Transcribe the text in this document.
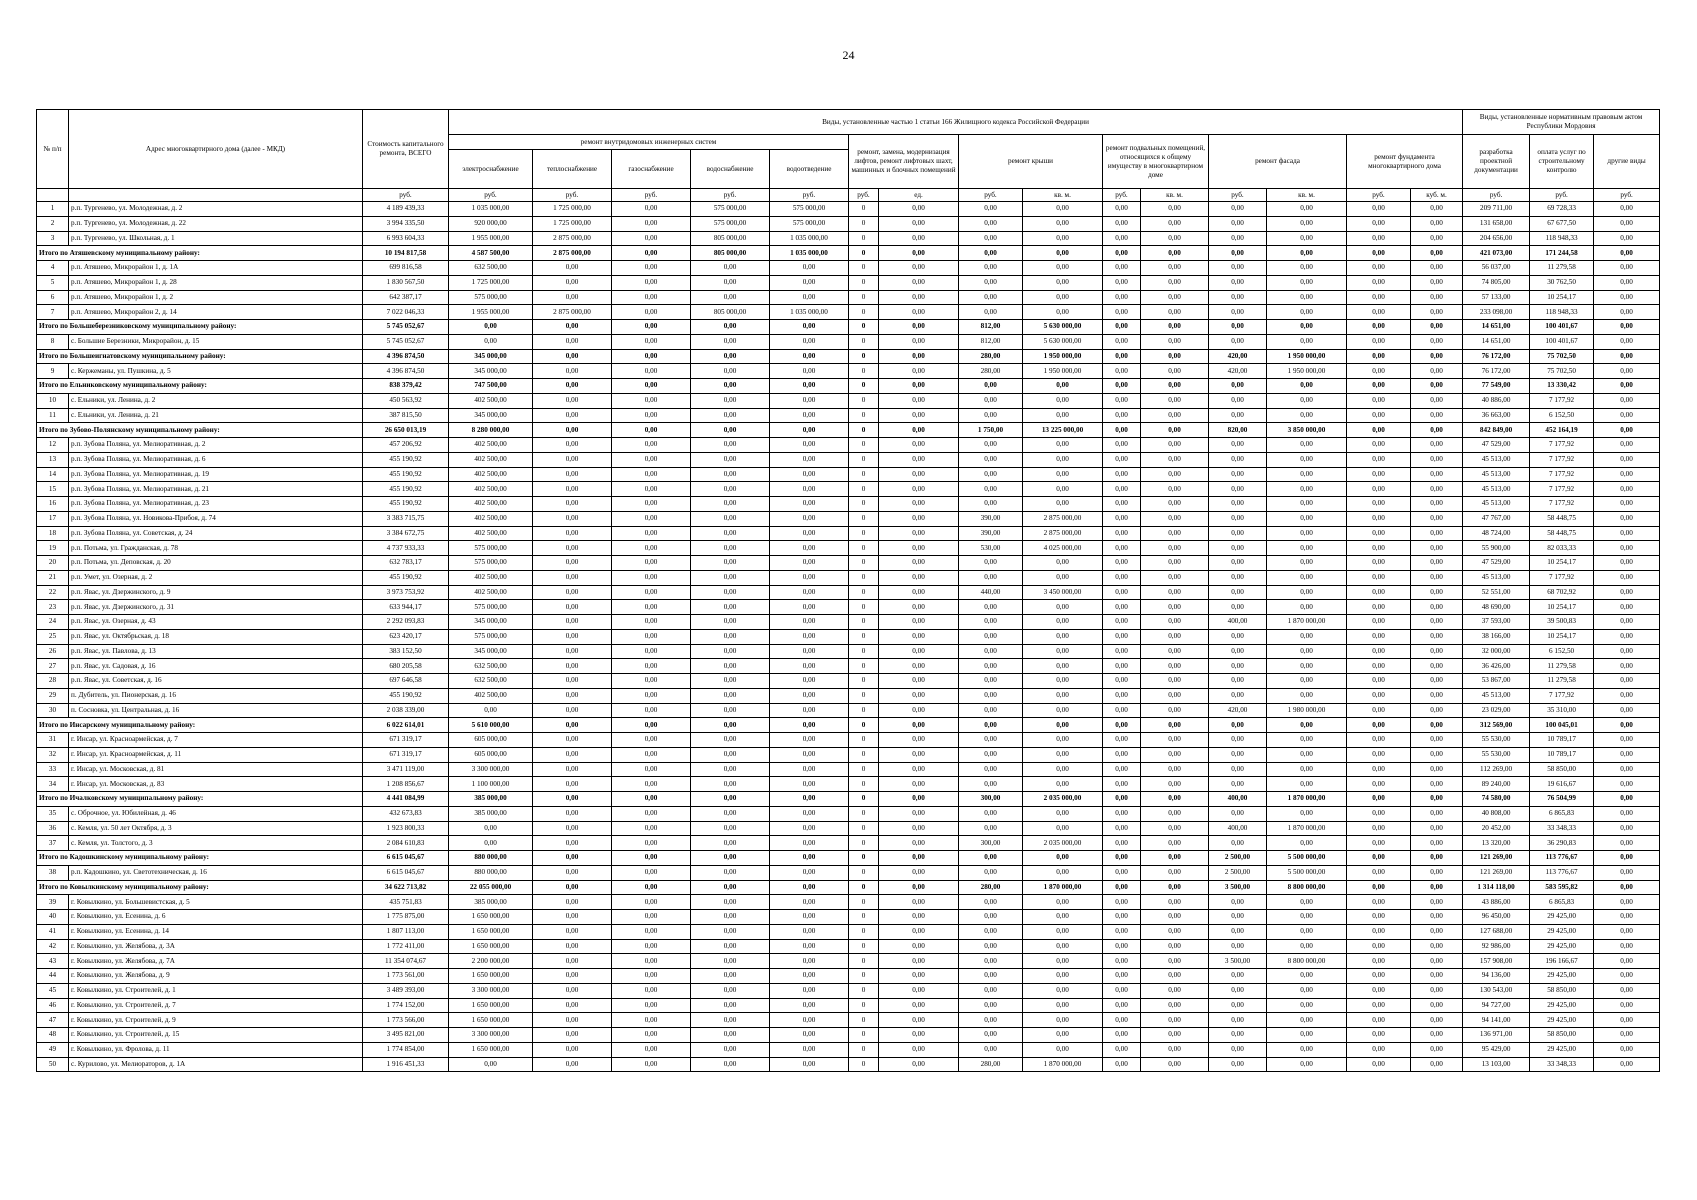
24
№ п/п	Адрес многоквартирного дома (далее - МКД)	Стоимость капитального ремонта, ВСЕГО	Виды, установленные частью 1 статьи 166 Жилищного кодекса Российской Федерации															Виды, установленные нормативным правовым актом Республики Мордовия			
			ремонт внутридомовых инженерных систем					ремонт, замена, модернизация лифтов, ремонт лифтовых шахт, машинных и блочных помещений		ремонт крыши		ремонт подвальных помещений, относящихся к общему имуществу в многоквартирном доме		ремонт фасада		ремонт фундамента многоквартирного дома		разработка проектной документации	оплата услуг по строительному контролю	другие виды	
			электроснабжение	теплоснабжение	газоснабжение	водоснабжение	водоотведение														
		руб.	руб.	руб.	руб.	руб.	руб.	руб.	ед.	руб.	кв. м.	руб.	кв. м.	руб.	кв. м.	руб.	куб. м.	руб.	руб.	руб.	
1	р.п. Тургенево, ул. Молодежная, д. 2	4 189 439,33	1 035 000,00	1 725 000,00	0,00	575 000,00	575 000,00	0	0,00	0,00	0,00	0,00	0,00	0,00	0,00	0,00	0,00	209 711,00	69 728,33	0,00	
2	р.п. Тургенево, ул. Молодежная, д. 22	3 994 335,50	920 000,00	1 725 000,00	0,00	575 000,00	575 000,00	0	0,00	0,00	0,00	0,00	0,00	0,00	0,00	0,00	0,00	131 658,00	67 677,50	0,00	
3	р.п. Тургенево, ул. Школьная, д. 1	6 993 604,33	1 955 000,00	2 875 000,00	0,00	805 000,00	1 035 000,00	0	0,00	0,00	0,00	0,00	0,00	0,00	0,00	0,00	0,00	204 656,00	118 948,33	0,00	
Итого по Атяшевскому муниципальному району:		10 194 817,58	4 587 500,00	2 875 000,00	0,00	805 000,00	1 035 000,00	0	0,00	0,00	0,00	0,00	0,00	0,00	0,00	0,00	0,00	421 073,00	171 244,58	0,00	
4	р.п. Атяшево, Микрорайон 1, д. 1А	699 816,58	632 500,00	0,00	0,00	0,00	0,00	0	0,00	0,00	0,00	0,00	0,00	0,00	0,00	0,00	0,00	56 037,00	11 279,58	0,00	
5	р.п. Атяшево, Микрорайон 1, д. 28	1 830 567,50	1 725 000,00	0,00	0,00	0,00	0,00	0	0,00	0,00	0,00	0,00	0,00	0,00	0,00	0,00	0,00	74 805,00	30 762,50	0,00	
6	р.п. Атяшево, Микрорайон 1, д. 2	642 387,17	575 000,00	0,00	0,00	0,00	0,00	0	0,00	0,00	0,00	0,00	0,00	0,00	0,00	0,00	0,00	57 133,00	10 254,17	0,00	
7	р.п. Атяшево, Микрорайон 2, д. 14	7 022 046,33	1 955 000,00	2 875 000,00	0,00	805 000,00	1 035 000,00	0	0,00	0,00	0,00	0,00	0,00	0,00	0,00	0,00	0,00	233 098,00	118 948,33	0,00	
Итого по Большеберезниковскому муниципальному району:		5 745 052,67	0,00	0,00	0,00	0,00	0,00	0	0,00	812,00	5 630 000,00	0,00	0,00	0,00	0,00	0,00	0,00	14 651,00	100 401,67	0,00	
8	с. Большие Березники, Микрорайон, д. 15	5 745 052,67	0,00	0,00	0,00	0,00	0,00	0	0,00	812,00	5 630 000,00	0,00	0,00	0,00	0,00	0,00	0,00	14 651,00	100 401,67	0,00	
Итого по Большеигнатовскому муниципальному району:		4 396 874,50	345 000,00	0,00	0,00	0,00	0,00	0	0,00	280,00	1 950 000,00	0,00	0,00	420,00	1 950 000,00	0,00	0,00	76 172,00	75 702,50	0,00	
9	с. Кержеманы, ул. Пушкина, д. 5	4 396 874,50	345 000,00	0,00	0,00	0,00	0,00	0	0,00	280,00	1 950 000,00	0,00	0,00	420,00	1 950 000,00	0,00	0,00	76 172,00	75 702,50	0,00	
Итого по Ельниковскому муниципальному району:		838 379,42	747 500,00	0,00	0,00	0,00	0,00	0	0,00	0,00	0,00	0,00	0,00	0,00	0,00	0,00	0,00	77 549,00	13 330,42	0,00	
10	с. Ельники, ул. Ленина, д. 2	450 563,92	402 500,00	0,00	0,00	0,00	0,00	0	0,00	0,00	0,00	0,00	0,00	0,00	0,00	0,00	0,00	40 886,00	7 177,92	0,00	
11	с. Ельники, ул. Ленина, д. 21	387 815,50	345 000,00	0,00	0,00	0,00	0,00	0	0,00	0,00	0,00	0,00	0,00	0,00	0,00	0,00	0,00	36 663,00	6 152,50	0,00	
Итого по Зубово-Полянскому муниципальному району:		26 650 013,19	8 280 000,00	0,00	0,00	0,00	0,00	0	0,00	1 750,00	13 225 000,00	0,00	0,00	820,00	3 850 000,00	0,00	0,00	842 849,00	452 164,19	0,00	
12	р.п. Зубова Поляна, ул. Мелиоративная, д. 2	457 206,92	402 500,00	0,00	0,00	0,00	0,00	0	0,00	0,00	0,00	0,00	0,00	0,00	0,00	0,00	0,00	47 529,00	7 177,92	0,00	
13	р.п. Зубова Поляна, ул. Мелиоративная, д. 6	455 190,92	402 500,00	0,00	0,00	0,00	0,00	0	0,00	0,00	0,00	0,00	0,00	0,00	0,00	0,00	0,00	45 513,00	7 177,92	0,00	
14	р.п. Зубова Поляна, ул. Мелиоративная, д. 19	455 190,92	402 500,00	0,00	0,00	0,00	0,00	0	0,00	0,00	0,00	0,00	0,00	0,00	0,00	0,00	0,00	45 513,00	7 177,92	0,00	
15	р.п. Зубова Поляна, ул. Мелиоративная, д. 21	455 190,92	402 500,00	0,00	0,00	0,00	0,00	0	0,00	0,00	0,00	0,00	0,00	0,00	0,00	0,00	0,00	45 513,00	7 177,92	0,00	
16	р.п. Зубова Поляна, ул. Мелиоративная, д. 23	455 190,92	402 500,00	0,00	0,00	0,00	0,00	0	0,00	0,00	0,00	0,00	0,00	0,00	0,00	0,00	0,00	45 513,00	7 177,92	0,00	
17	р.п. Зубова Поляна, ул. Новикова-Прибоя, д. 74	3 383 715,75	402 500,00	0,00	0,00	0,00	0,00	0	0,00	390,00	2 875 000,00	0,00	0,00	0,00	0,00	0,00	0,00	47 767,00	58 448,75	0,00	
18	р.п. Зубова Поляна, ул. Советская, д. 24	3 384 672,75	402 500,00	0,00	0,00	0,00	0,00	0	0,00	390,00	2 875 000,00	0,00	0,00	0,00	0,00	0,00	0,00	48 724,00	58 448,75	0,00	
19	р.п. Потьма, ул. Гражданская, д. 78	4 737 933,33	575 000,00	0,00	0,00	0,00	0,00	0	0,00	530,00	4 025 000,00	0,00	0,00	0,00	0,00	0,00	0,00	55 900,00	82 033,33	0,00	
20	р.п. Потьма, ул. Деповская, д. 20	632 783,17	575 000,00	0,00	0,00	0,00	0,00	0	0,00	0,00	0,00	0,00	0,00	0,00	0,00	0,00	0,00	47 529,00	10 254,17	0,00	
21	р.п. Умет, ул. Озерная, д. 2	455 190,92	402 500,00	0,00	0,00	0,00	0,00	0	0,00	0,00	0,00	0,00	0,00	0,00	0,00	0,00	0,00	45 513,00	7 177,92	0,00	
22	р.п. Явас, ул. Дзержинского, д. 9	3 973 753,92	402 500,00	0,00	0,00	0,00	0,00	0	0,00	440,00	3 450 000,00	0,00	0,00	0,00	0,00	0,00	0,00	52 551,00	68 702,92	0,00	
23	р.п. Явас, ул. Дзержинского, д. 31	633 944,17	575 000,00	0,00	0,00	0,00	0,00	0	0,00	0,00	0,00	0,00	0,00	0,00	0,00	0,00	0,00	48 690,00	10 254,17	0,00	
24	р.п. Явас, ул. Озерная, д. 43	2 292 093,83	345 000,00	0,00	0,00	0,00	0,00	0	0,00	0,00	0,00	0,00	0,00	400,00	1 870 000,00	0,00	0,00	37 593,00	39 500,83	0,00	
25	р.п. Явас, ул. Октябрьская, д. 18	623 420,17	575 000,00	0,00	0,00	0,00	0,00	0	0,00	0,00	0,00	0,00	0,00	0,00	0,00	0,00	0,00	38 166,00	10 254,17	0,00	
26	р.п. Явас, ул. Павлова, д. 13	383 152,50	345 000,00	0,00	0,00	0,00	0,00	0	0,00	0,00	0,00	0,00	0,00	0,00	0,00	0,00	0,00	32 000,00	6 152,50	0,00	
27	р.п. Явас, ул. Садовая, д. 16	680 205,58	632 500,00	0,00	0,00	0,00	0,00	0	0,00	0,00	0,00	0,00	0,00	0,00	0,00	0,00	0,00	36 426,00	11 279,58	0,00	
28	р.п. Явас, ул. Советская, д. 16	697 646,58	632 500,00	0,00	0,00	0,00	0,00	0	0,00	0,00	0,00	0,00	0,00	0,00	0,00	0,00	0,00	53 867,00	11 279,58	0,00	
29	п. Дубитель, ул. Пионерская, д. 16	455 190,92	402 500,00	0,00	0,00	0,00	0,00	0	0,00	0,00	0,00	0,00	0,00	0,00	0,00	0,00	0,00	45 513,00	7 177,92	0,00	
30	п. Сосновка, ул. Центральная, д. 16	2 038 339,00	0,00	0,00	0,00	0,00	0,00	0	0,00	0,00	0,00	0,00	0,00	420,00	1 980 000,00	0,00	0,00	23 029,00	35 310,00	0,00	
Итого по Инсарскому муниципальному району:		6 022 614,01	5 610 000,00	0,00	0,00	0,00	0,00	0	0,00	0,00	0,00	0,00	0,00	0,00	0,00	0,00	0,00	312 569,00	100 045,01	0,00	
31	г. Инсар, ул. Красноармейская, д. 7	671 319,17	605 000,00	0,00	0,00	0,00	0,00	0	0,00	0,00	0,00	0,00	0,00	0,00	0,00	0,00	0,00	55 530,00	10 789,17	0,00	
32	г. Инсар, ул. Красноармейская, д. 11	671 319,17	605 000,00	0,00	0,00	0,00	0,00	0	0,00	0,00	0,00	0,00	0,00	0,00	0,00	0,00	0,00	55 530,00	10 789,17	0,00	
33	г. Инсар, ул. Московская, д. 81	3 471 119,00	3 300 000,00	0,00	0,00	0,00	0,00	0	0,00	0,00	0,00	0,00	0,00	0,00	0,00	0,00	0,00	112 269,00	58 850,00	0,00	
34	г. Инсар, ул. Московская, д. 83	1 208 856,67	1 100 000,00	0,00	0,00	0,00	0,00	0	0,00	0,00	0,00	0,00	0,00	0,00	0,00	0,00	0,00	89 240,00	19 616,67	0,00	
Итого по Ичалковскому муниципальному району:		4 441 084,99	385 000,00	0,00	0,00	0,00	0,00	0	0,00	300,00	2 035 000,00	0,00	0,00	400,00	1 870 000,00	0,00	0,00	74 580,00	76 504,99	0,00	
35	с. Оброчное, ул. Юбилейная, д. 46	432 673,83	385 000,00	0,00	0,00	0,00	0,00	0	0,00	0,00	0,00	0,00	0,00	0,00	0,00	0,00	0,00	40 808,00	6 865,83	0,00	
36	с. Кемля, ул. 50 лет Октября, д. 3	1 923 800,33	0,00	0,00	0,00	0,00	0,00	0	0,00	0,00	0,00	0,00	0,00	400,00	1 870 000,00	0,00	0,00	20 452,00	33 348,33	0,00	
37	с. Кемля, ул. Толстого, д. 3	2 084 610,83	0,00	0,00	0,00	0,00	0,00	0	0,00	300,00	2 035 000,00	0,00	0,00	0,00	0,00	0,00	0,00	13 320,00	36 290,83	0,00	
Итого по Кадошкинскому муниципальному району:		6 615 045,67	880 000,00	0,00	0,00	0,00	0,00	0	0,00	0,00	0,00	0,00	0,00	2 500,00	5 500 000,00	0,00	0,00	121 269,00	113 776,67	0,00	
38	р.п. Кадошкино, ул. Светотехническая, д. 16	6 615 045,67	880 000,00	0,00	0,00	0,00	0,00	0	0,00	0,00	0,00	0,00	0,00	2 500,00	5 500 000,00	0,00	0,00	121 269,00	113 776,67	0,00	
Итого по Ковылкинскому муниципальному району:		34 622 713,82	22 055 000,00	0,00	0,00	0,00	0,00	0	0,00	280,00	1 870 000,00	0,00	0,00	3 500,00	8 800 000,00	0,00	0,00	1 314 118,00	583 595,82	0,00	
39	г. Ковылкино, ул. Большевистская, д. 5	435 751,83	385 000,00	0,00	0,00	0,00	0,00	0	0,00	0,00	0,00	0,00	0,00	0,00	0,00	0,00	0,00	43 886,00	6 865,83	0,00	
40	г. Ковылкино, ул. Есенина, д. 6	1 775 875,00	1 650 000,00	0,00	0,00	0,00	0,00	0	0,00	0,00	0,00	0,00	0,00	0,00	0,00	0,00	0,00	96 450,00	29 425,00	0,00	
41	г. Ковылкино, ул. Есенина, д. 14	1 807 113,00	1 650 000,00	0,00	0,00	0,00	0,00	0	0,00	0,00	0,00	0,00	0,00	0,00	0,00	0,00	0,00	127 688,00	29 425,00	0,00	
42	г. Ковылкино, ул. Желябова, д. 3А	1 772 411,00	1 650 000,00	0,00	0,00	0,00	0,00	0	0,00	0,00	0,00	0,00	0,00	0,00	0,00	0,00	0,00	92 986,00	29 425,00	0,00	
43	г. Ковылкино, ул. Желябова, д. 7А	11 354 074,67	2 200 000,00	0,00	0,00	0,00	0,00	0	0,00	0,00	0,00	0,00	0,00	3 500,00	8 800 000,00	0,00	0,00	157 908,00	196 166,67	0,00	
44	г. Ковылкино, ул. Желябова, д. 9	1 773 561,00	1 650 000,00	0,00	0,00	0,00	0,00	0	0,00	0,00	0,00	0,00	0,00	0,00	0,00	0,00	0,00	94 136,00	29 425,00	0,00	
45	г. Ковылкино, ул. Строителей, д. 1	3 489 393,00	3 300 000,00	0,00	0,00	0,00	0,00	0	0,00	0,00	0,00	0,00	0,00	0,00	0,00	0,00	0,00	130 543,00	58 850,00	0,00	
46	г. Ковылкино, ул. Строителей, д. 7	1 774 152,00	1 650 000,00	0,00	0,00	0,00	0,00	0	0,00	0,00	0,00	0,00	0,00	0,00	0,00	0,00	0,00	94 727,00	29 425,00	0,00	
47	г. Ковылкино, ул. Строителей, д. 9	1 773 566,00	1 650 000,00	0,00	0,00	0,00	0,00	0	0,00	0,00	0,00	0,00	0,00	0,00	0,00	0,00	0,00	94 141,00	29 425,00	0,00	
48	г. Ковылкино, ул. Строителей, д. 15	3 495 821,00	3 300 000,00	0,00	0,00	0,00	0,00	0	0,00	0,00	0,00	0,00	0,00	0,00	0,00	0,00	0,00	136 971,00	58 850,00	0,00	
49	г. Ковылкино, ул. Фролова, д. 11	1 774 854,00	1 650 000,00	0,00	0,00	0,00	0,00	0	0,00	0,00	0,00	0,00	0,00	0,00	0,00	0,00	0,00	95 429,00	29 425,00	0,00	
50	с. Курилово, ул. Мелиораторов, д. 1А	1 916 451,33	0,00	0,00	0,00	0,00	0,00	0	0,00	280,00	1 870 000,00	0,00	0,00	0,00	0,00	0,00	0,00	13 103,00	33 348,33	0,00	
